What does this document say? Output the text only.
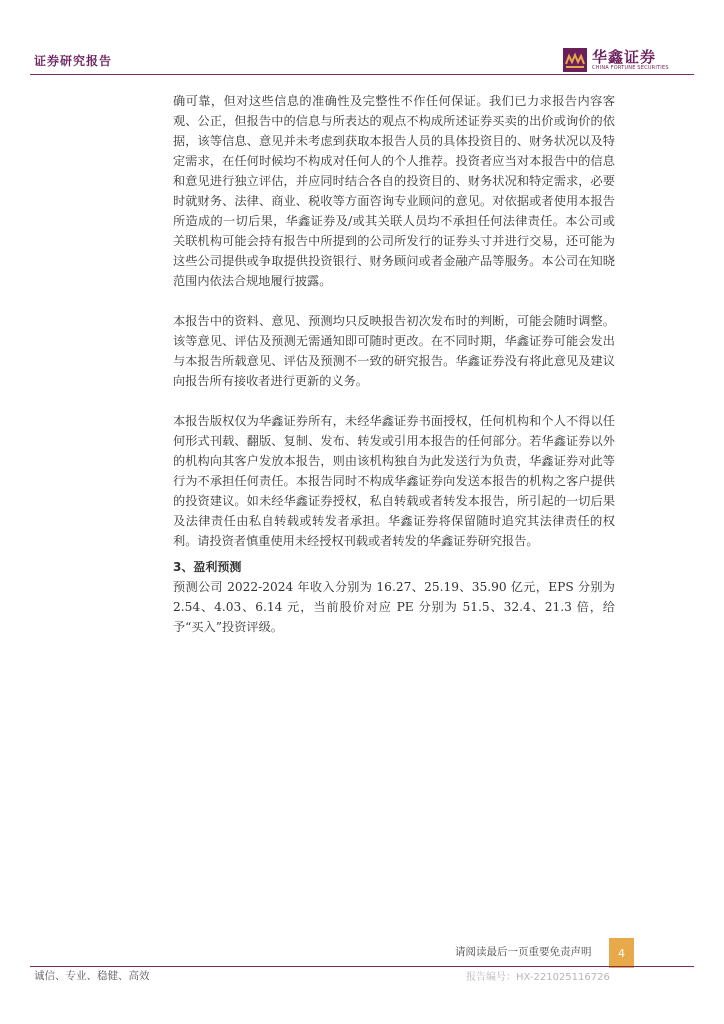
证券研究报告	华鑫证券
CHINA FORTUNE SECURITIES

确可靠，但对这些信息的准确性及完整性不作任何保证。我们已力求报告内容客观、公正，但报告中的信息与所表达的观点不构成所述证券买卖的出价或询价的依据，该等信息、意见并未考虑到获取本报告人员的具体投资目的、财务状况以及特定需求，在任何时候均不构成对任何人的个人推荐。投资者应当对本报告中的信息和意见进行独立评估，并应同时结合各自的投资目的、财务状况和特定需求，必要时就财务、法律、商业、税收等方面咨询专业顾问的意见。对依据或者使用本报告所造成的一切后果，华鑫证券及/或其关联人员均不承担任何法律责任。本公司或关联机构可能会持有报告中所提到的公司所发行的证券头寸并进行交易，还可能为这些公司提供或争取提供投资银行、财务顾问或者金融产品等服务。本公司在知晓范围内依法合规地履行披露。

本报告中的资料、意见、预测均只反映报告初次发布时的判断，可能会随时调整。该等意见、评估及预测无需通知即可随时更改。在不同时期，华鑫证券可能会发出与本报告所载意见、评估及预测不一致的研究报告。华鑫证券没有将此意见及建议向报告所有接收者进行更新的义务。

本报告版权仅为华鑫证券所有，未经华鑫证券书面授权，任何机构和个人不得以任何形式刊载、翻版、复制、发布、转发或引用本报告的任何部分。若华鑫证券以外的机构向其客户发放本报告，则由该机构独自为此发送行为负责，华鑫证券对此等行为不承担任何责任。本报告同时不构成华鑫证券向发送本报告的机构之客户提供的投资建议。如未经华鑫证券授权，私自转载或者转发本报告，所引起的一切后果及法律责任由私自转载或转发者承担。华鑫证券将保留随时追究其法律责任的权利。请投资者慎重使用未经授权刊载或者转发的华鑫证券研究报告。

3、盈利预测

预测公司 2022-2024 年收入分别为 16.27、25.19、35.90 亿元，EPS 分别为 2.54、4.03、6.14 元，当前股价对应 PE 分别为 51.5、32.4、21.3 倍，给予“买入”投资评级。

请阅读最后一页重要免责声明	4
诚信、专业、稳健、高效	报告编号：HX-221025116726
